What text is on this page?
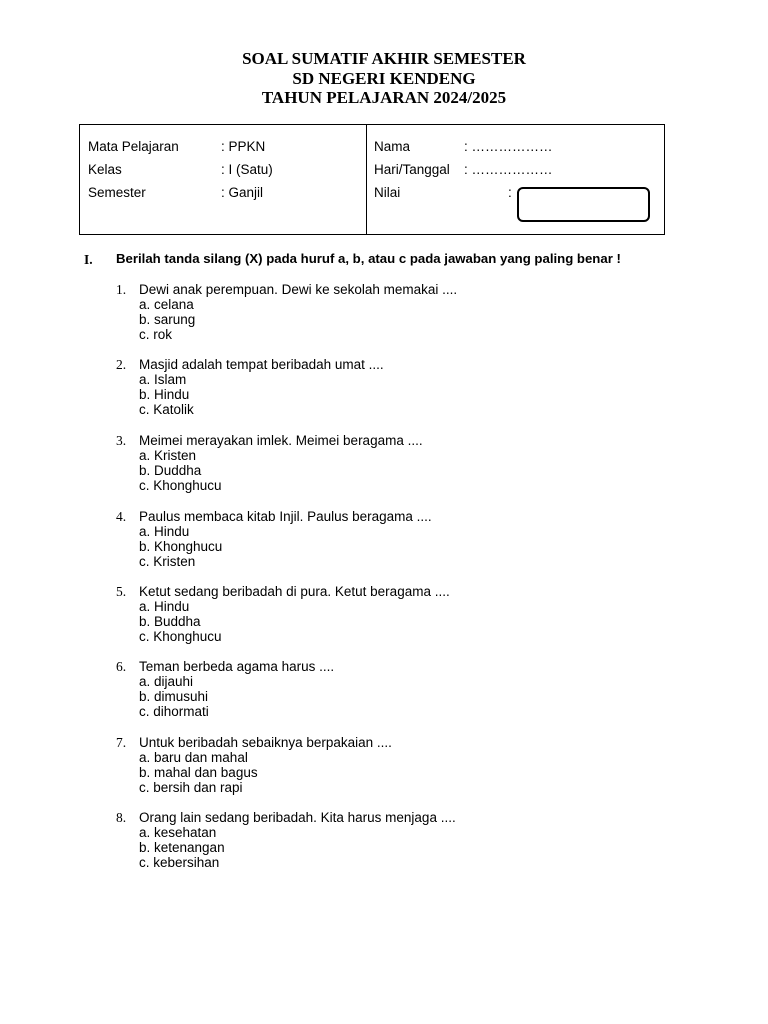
SOAL SUMATIF AKHIR SEMESTER
SD NEGERI KENDENG
TAHUN PELAJARAN 2024/2025
Mata Pelajaran	: PPKN
Kelas	: I (Satu)
Semester	: Ganjil
Nama	: ………………
Hari/Tanggal : ………………
Nilai	:
I. Berilah tanda silang (X) pada huruf a, b, atau c pada jawaban yang paling benar !
1. Dewi anak perempuan. Dewi ke sekolah memakai ....
a. celana
b. sarung
c. rok
2. Masjid adalah tempat beribadah umat ....
a. Islam
b. Hindu
c. Katolik
3. Meimei merayakan imlek. Meimei beragama ....
a. Kristen
b. Duddha
c. Khonghucu
4. Paulus membaca kitab Injil. Paulus beragama ....
a. Hindu
b. Khonghucu
c. Kristen
5. Ketut sedang beribadah di pura. Ketut beragama ....
a. Hindu
b. Buddha
c. Khonghucu
6. Teman berbeda agama harus ....
a. dijauhi
b. dimusuhi
c. dihormati
7. Untuk beribadah sebaiknya berpakaian ....
a. baru dan mahal
b. mahal dan bagus
c. bersih dan rapi
8. Orang lain sedang beribadah. Kita harus menjaga ....
a. kesehatan
b. ketenangan
c. kebersihan
